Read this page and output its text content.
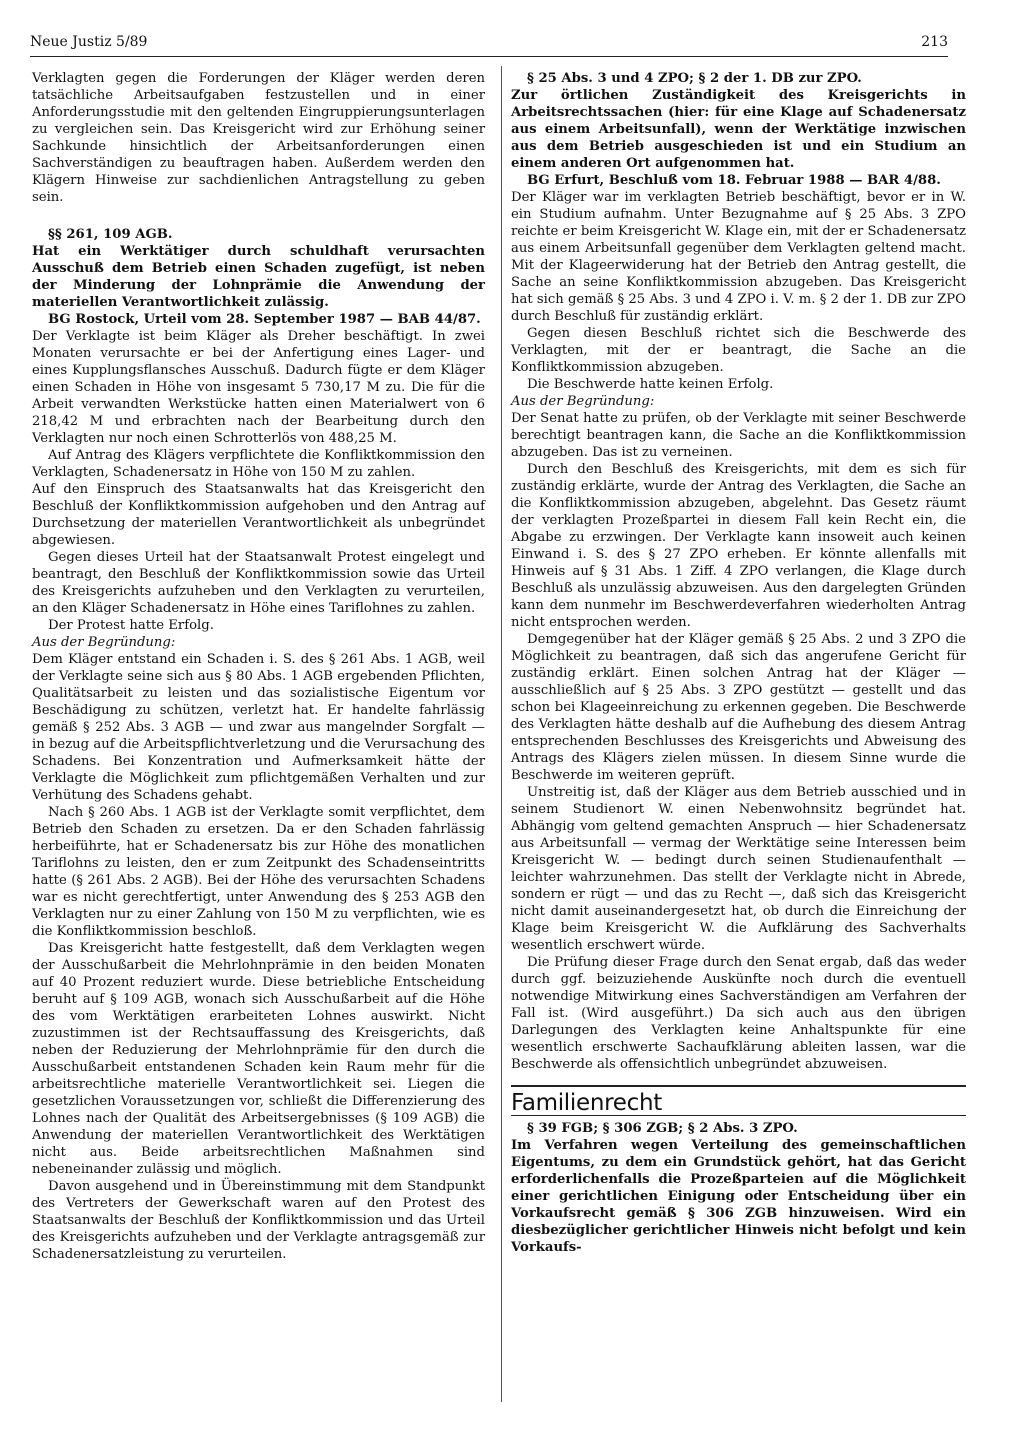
Neue Justiz 5/89	213

Verklagten gegen die Forderungen der Kläger werden deren tatsächliche Arbeitsaufgaben festzustellen und in einer Anforderungsstudie mit den geltenden Eingruppierungsunterlagen zu vergleichen sein. Das Kreisgericht wird zur Erhöhung seiner Sachkunde hinsichtlich der Arbeitsanforderungen einen Sachverständigen zu beauftragen haben. Außerdem werden den Klägern Hinweise zur sachdienlichen Antragstellung zu geben sein.

§§ 261, 109 AGB.

Hat ein Werktätiger durch schuldhaft verursachten Ausschuß dem Betrieb einen Schaden zugefügt, ist neben der Minderung der Lohnprämie die Anwendung der materiellen Verantwortlichkeit zulässig.

BG Rostock, Urteil vom 28. September 1987 — BAB 44/87.

Der Verklagte ist beim Kläger als Dreher beschäftigt. In zwei Monaten verursachte er bei der Anfertigung eines Lager- und eines Kupplungsflansches Ausschuß. Dadurch fügte er dem Kläger einen Schaden in Höhe von insgesamt 5 730,17 M zu. Die für die Arbeit verwandten Werkstücke hatten einen Materialwert von 6 218,42 M und erbrachten nach der Bearbeitung durch den Verklagten nur noch einen Schrotterlös von 488,25 M.

Auf Antrag des Klägers verpflichtete die Konfliktkommission den Verklagten, Schadenersatz in Höhe von 150 M zu zahlen.

Auf den Einspruch des Staatsanwalts hat das Kreisgericht den Beschluß der Konfliktkommission aufgehoben und den Antrag auf Durchsetzung der materiellen Verantwortlichkeit als unbegründet abgewiesen.

Gegen dieses Urteil hat der Staatsanwalt Protest eingelegt und beantragt, den Beschluß der Konfliktkommission sowie das Urteil des Kreisgerichts aufzuheben und den Verklagten zu verurteilen, an den Kläger Schadenersatz in Höhe eines Tariflohnes zu zahlen.

Der Protest hatte Erfolg.

Aus der Begründung:

Dem Kläger entstand ein Schaden i. S. des § 261 Abs. 1 AGB, weil der Verklagte seine sich aus § 80 Abs. 1 AGB ergebenden Pflichten, Qualitätsarbeit zu leisten und das sozialistische Eigentum vor Beschädigung zu schützen, verletzt hat. Er handelte fahrlässig gemäß § 252 Abs. 3 AGB — und zwar aus mangelnder Sorgfalt — in bezug auf die Arbeitspflichtverletzung und die Verursachung des Schadens. Bei Konzentration und Aufmerksamkeit hätte der Verklagte die Möglichkeit zum pflichtgemäßen Verhalten und zur Verhütung des Schadens gehabt.

Nach § 260 Abs. 1 AGB ist der Verklagte somit verpflichtet, dem Betrieb den Schaden zu ersetzen. Da er den Schaden fahrlässig herbeiführte, hat er Schadenersatz bis zur Höhe des monatlichen Tariflohns zu leisten, den er zum Zeitpunkt des Schadenseintritts hatte (§ 261 Abs. 2 AGB). Bei der Höhe des verursachten Schadens war es nicht gerechtfertigt, unter Anwendung des § 253 AGB den Verklagten nur zu einer Zahlung von 150 M zu verpflichten, wie es die Konfliktkommission beschloß.

Das Kreisgericht hatte festgestellt, daß dem Verklagten wegen der Ausschußarbeit die Mehrlohnprämie in den beiden Monaten auf 40 Prozent reduziert wurde. Diese betriebliche Entscheidung beruht auf § 109 AGB, wonach sich Ausschußarbeit auf die Höhe des vom Werktätigen erarbeiteten Lohnes auswirkt. Nicht zuzustimmen ist der Rechtsauffassung des Kreisgerichts, daß neben der Reduzierung der Mehrlohnprämie für den durch die Ausschußarbeit entstandenen Schaden kein Raum mehr für die arbeitsrechtliche materielle Verantwortlichkeit sei. Liegen die gesetzlichen Voraussetzungen vor, schließt die Differenzierung des Lohnes nach der Qualität des Arbeitsergebnisses (§ 109 AGB) die Anwendung der materiellen Verantwortlichkeit des Werktätigen nicht aus. Beide arbeitsrechtlichen Maßnahmen sind nebeneinander zulässig und möglich.

Davon ausgehend und in Übereinstimmung mit dem Standpunkt des Vertreters der Gewerkschaft waren auf den Protest des Staatsanwalts der Beschluß der Konfliktkommission und das Urteil des Kreisgerichts aufzuheben und der Verklagte antragsgemäß zur Schadenersatzleistung zu verurteilen.

§ 25 Abs. 3 und 4 ZPO; § 2 der 1. DB zur ZPO.

Zur örtlichen Zuständigkeit des Kreisgerichts in Arbeitsrechtssachen (hier: für eine Klage auf Schadenersatz aus einem Arbeitsunfall), wenn der Werktätige inzwischen aus dem Betrieb ausgeschieden ist und ein Studium an einem anderen Ort aufgenommen hat.

BG Erfurt, Beschluß vom 18. Februar 1988 — BAR 4/88.

Der Kläger war im verklagten Betrieb beschäftigt, bevor er in W. ein Studium aufnahm. Unter Bezugnahme auf § 25 Abs. 3 ZPO reichte er beim Kreisgericht W. Klage ein, mit der er Schadenersatz aus einem Arbeitsunfall gegenüber dem Verklagten geltend macht. Mit der Klageerwiderung hat der Betrieb den Antrag gestellt, die Sache an seine Konfliktkommission abzugeben. Das Kreisgericht hat sich gemäß § 25 Abs. 3 und 4 ZPO i. V. m. § 2 der 1. DB zur ZPO durch Beschluß für zuständig erklärt.

Gegen diesen Beschluß richtet sich die Beschwerde des Verklagten, mit der er beantragt, die Sache an die Konfliktkommission abzugeben.

Die Beschwerde hatte keinen Erfolg.

Aus der Begründung:

Der Senat hatte zu prüfen, ob der Verklagte mit seiner Beschwerde berechtigt beantragen kann, die Sache an die Konfliktkommission abzugeben. Das ist zu verneinen.

Durch den Beschluß des Kreisgerichts, mit dem es sich für zuständig erklärte, wurde der Antrag des Verklagten, die Sache an die Konfliktkommission abzugeben, abgelehnt. Das Gesetz räumt der verklagten Prozeßpartei in diesem Fall kein Recht ein, die Abgabe zu erzwingen. Der Verklagte kann insoweit auch keinen Einwand i. S. des § 27 ZPO erheben. Er könnte allenfalls mit Hinweis auf § 31 Abs. 1 Ziff. 4 ZPO verlangen, die Klage durch Beschluß als unzulässig abzuweisen. Aus den dargelegten Gründen kann dem nunmehr im Beschwerdeverfahren wiederholten Antrag nicht entsprochen werden.

Demgegenüber hat der Kläger gemäß § 25 Abs. 2 und 3 ZPO die Möglichkeit zu beantragen, daß sich das angerufene Gericht für zuständig erklärt. Einen solchen Antrag hat der Kläger — ausschließlich auf § 25 Abs. 3 ZPO gestützt — gestellt und das schon bei Klageeinreichung zu erkennen gegeben. Die Beschwerde des Verklagten hätte deshalb auf die Aufhebung des diesem Antrag entsprechenden Beschlusses des Kreisgerichts und Abweisung des Antrags des Klägers zielen müssen. In diesem Sinne wurde die Beschwerde im weiteren geprüft.

Unstreitig ist, daß der Kläger aus dem Betrieb ausschied und in seinem Studienort W. einen Nebenwohnsitz begründet hat. Abhängig vom geltend gemachten Anspruch — hier Schadenersatz aus Arbeitsunfall — vermag der Werktätige seine Interessen beim Kreisgericht W. — bedingt durch seinen Studienaufenthalt — leichter wahrzunehmen. Das stellt der Verklagte nicht in Abrede, sondern er rügt — und das zu Recht —, daß sich das Kreisgericht nicht damit auseinandergesetzt hat, ob durch die Einreichung der Klage beim Kreisgericht W. die Aufklärung des Sachverhalts wesentlich erschwert würde.

Die Prüfung dieser Frage durch den Senat ergab, daß das weder durch ggf. beizuziehende Auskünfte noch durch die eventuell notwendige Mitwirkung eines Sachverständigen am Verfahren der Fall ist. (Wird ausgeführt.) Da sich auch aus den übrigen Darlegungen des Verklagten keine Anhaltspunkte für eine wesentlich erschwerte Sachaufklärung ableiten lassen, war die Beschwerde als offensichtlich unbegründet abzuweisen.

Familienrecht

§ 39 FGB; § 306 ZGB; § 2 Abs. 3 ZPO.

Im Verfahren wegen Verteilung des gemeinschaftlichen Eigentums, zu dem ein Grundstück gehört, hat das Gericht erforderlichenfalls die Prozeßparteien auf die Möglichkeit einer gerichtlichen Einigung oder Entscheidung über ein Vorkaufsrecht gemäß § 306 ZGB hinzuweisen. Wird ein diesbezüglicher gerichtlicher Hinweis nicht befolgt und kein Vorkaufs-
